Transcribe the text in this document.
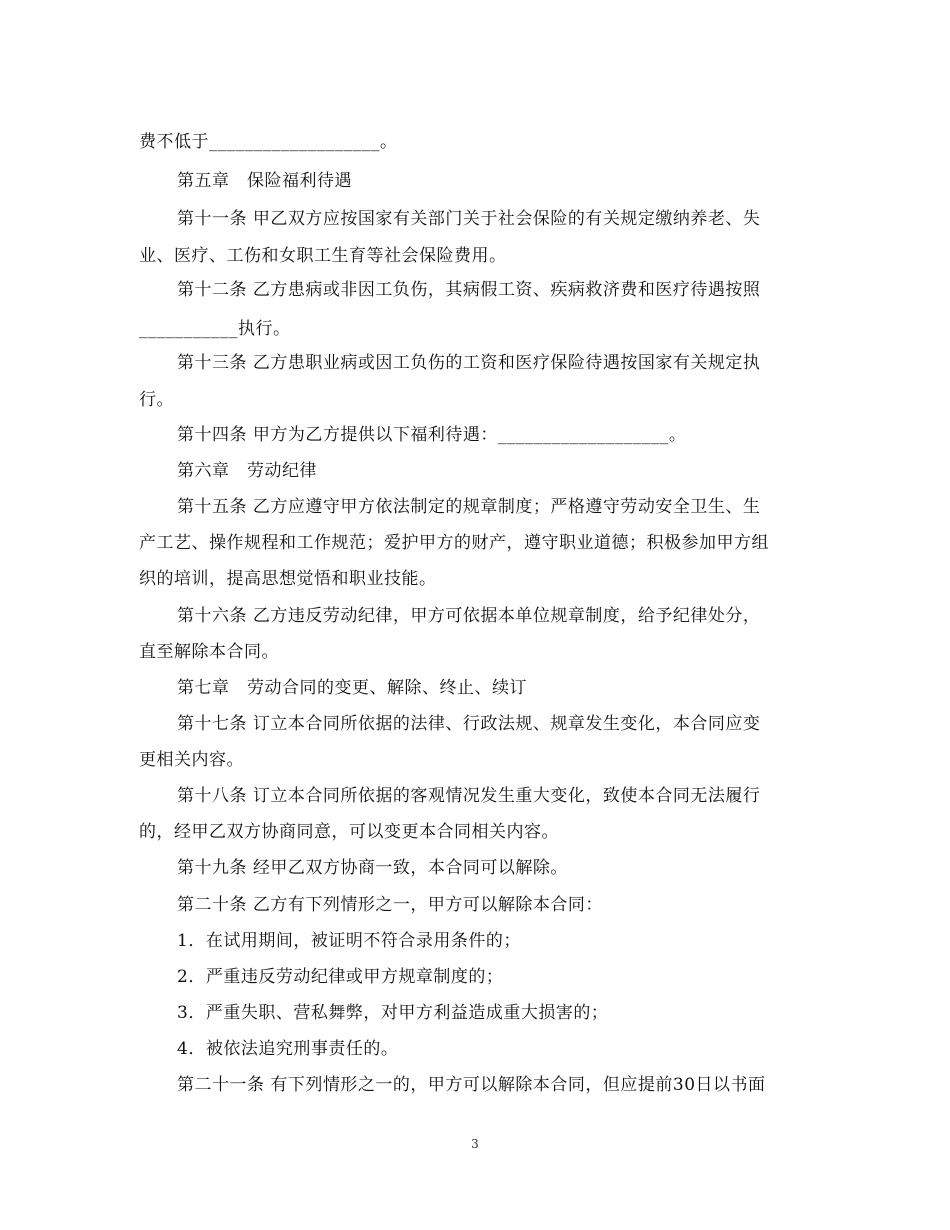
费不低于___________________。
第五章　保险福利待遇
第十一条 甲乙双方应按国家有关部门关于社会保险的有关规定缴纳养老、失
业、医疗、工伤和女职工生育等社会保险费用。
第十二条 乙方患病或非因工负伤，其病假工资、疾病救济费和医疗待遇按照
___________执行。
第十三条 乙方患职业病或因工负伤的工资和医疗保险待遇按国家有关规定执
行。
第十四条 甲方为乙方提供以下福利待遇：___________________。
第六章　劳动纪律
第十五条 乙方应遵守甲方依法制定的规章制度；严格遵守劳动安全卫生、生
产工艺、操作规程和工作规范；爱护甲方的财产，遵守职业道德；积极参加甲方组
织的培训，提高思想觉悟和职业技能。
第十六条 乙方违反劳动纪律，甲方可依据本单位规章制度，给予纪律处分，
直至解除本合同。
第七章　劳动合同的变更、解除、终止、续订
第十七条 订立本合同所依据的法律、行政法规、规章发生变化，本合同应变
更相关内容。
第十八条 订立本合同所依据的客观情况发生重大变化，致使本合同无法履行
的，经甲乙双方协商同意，可以变更本合同相关内容。
第十九条 经甲乙双方协商一致，本合同可以解除。
第二十条 乙方有下列情形之一，甲方可以解除本合同：
1．在试用期间，被证明不符合录用条件的；
2．严重违反劳动纪律或甲方规章制度的；
3．严重失职、营私舞弊，对甲方利益造成重大损害的；
4．被依法追究刑事责任的。
第二十一条 有下列情形之一的，甲方可以解除本合同，但应提前30日以书面
3
